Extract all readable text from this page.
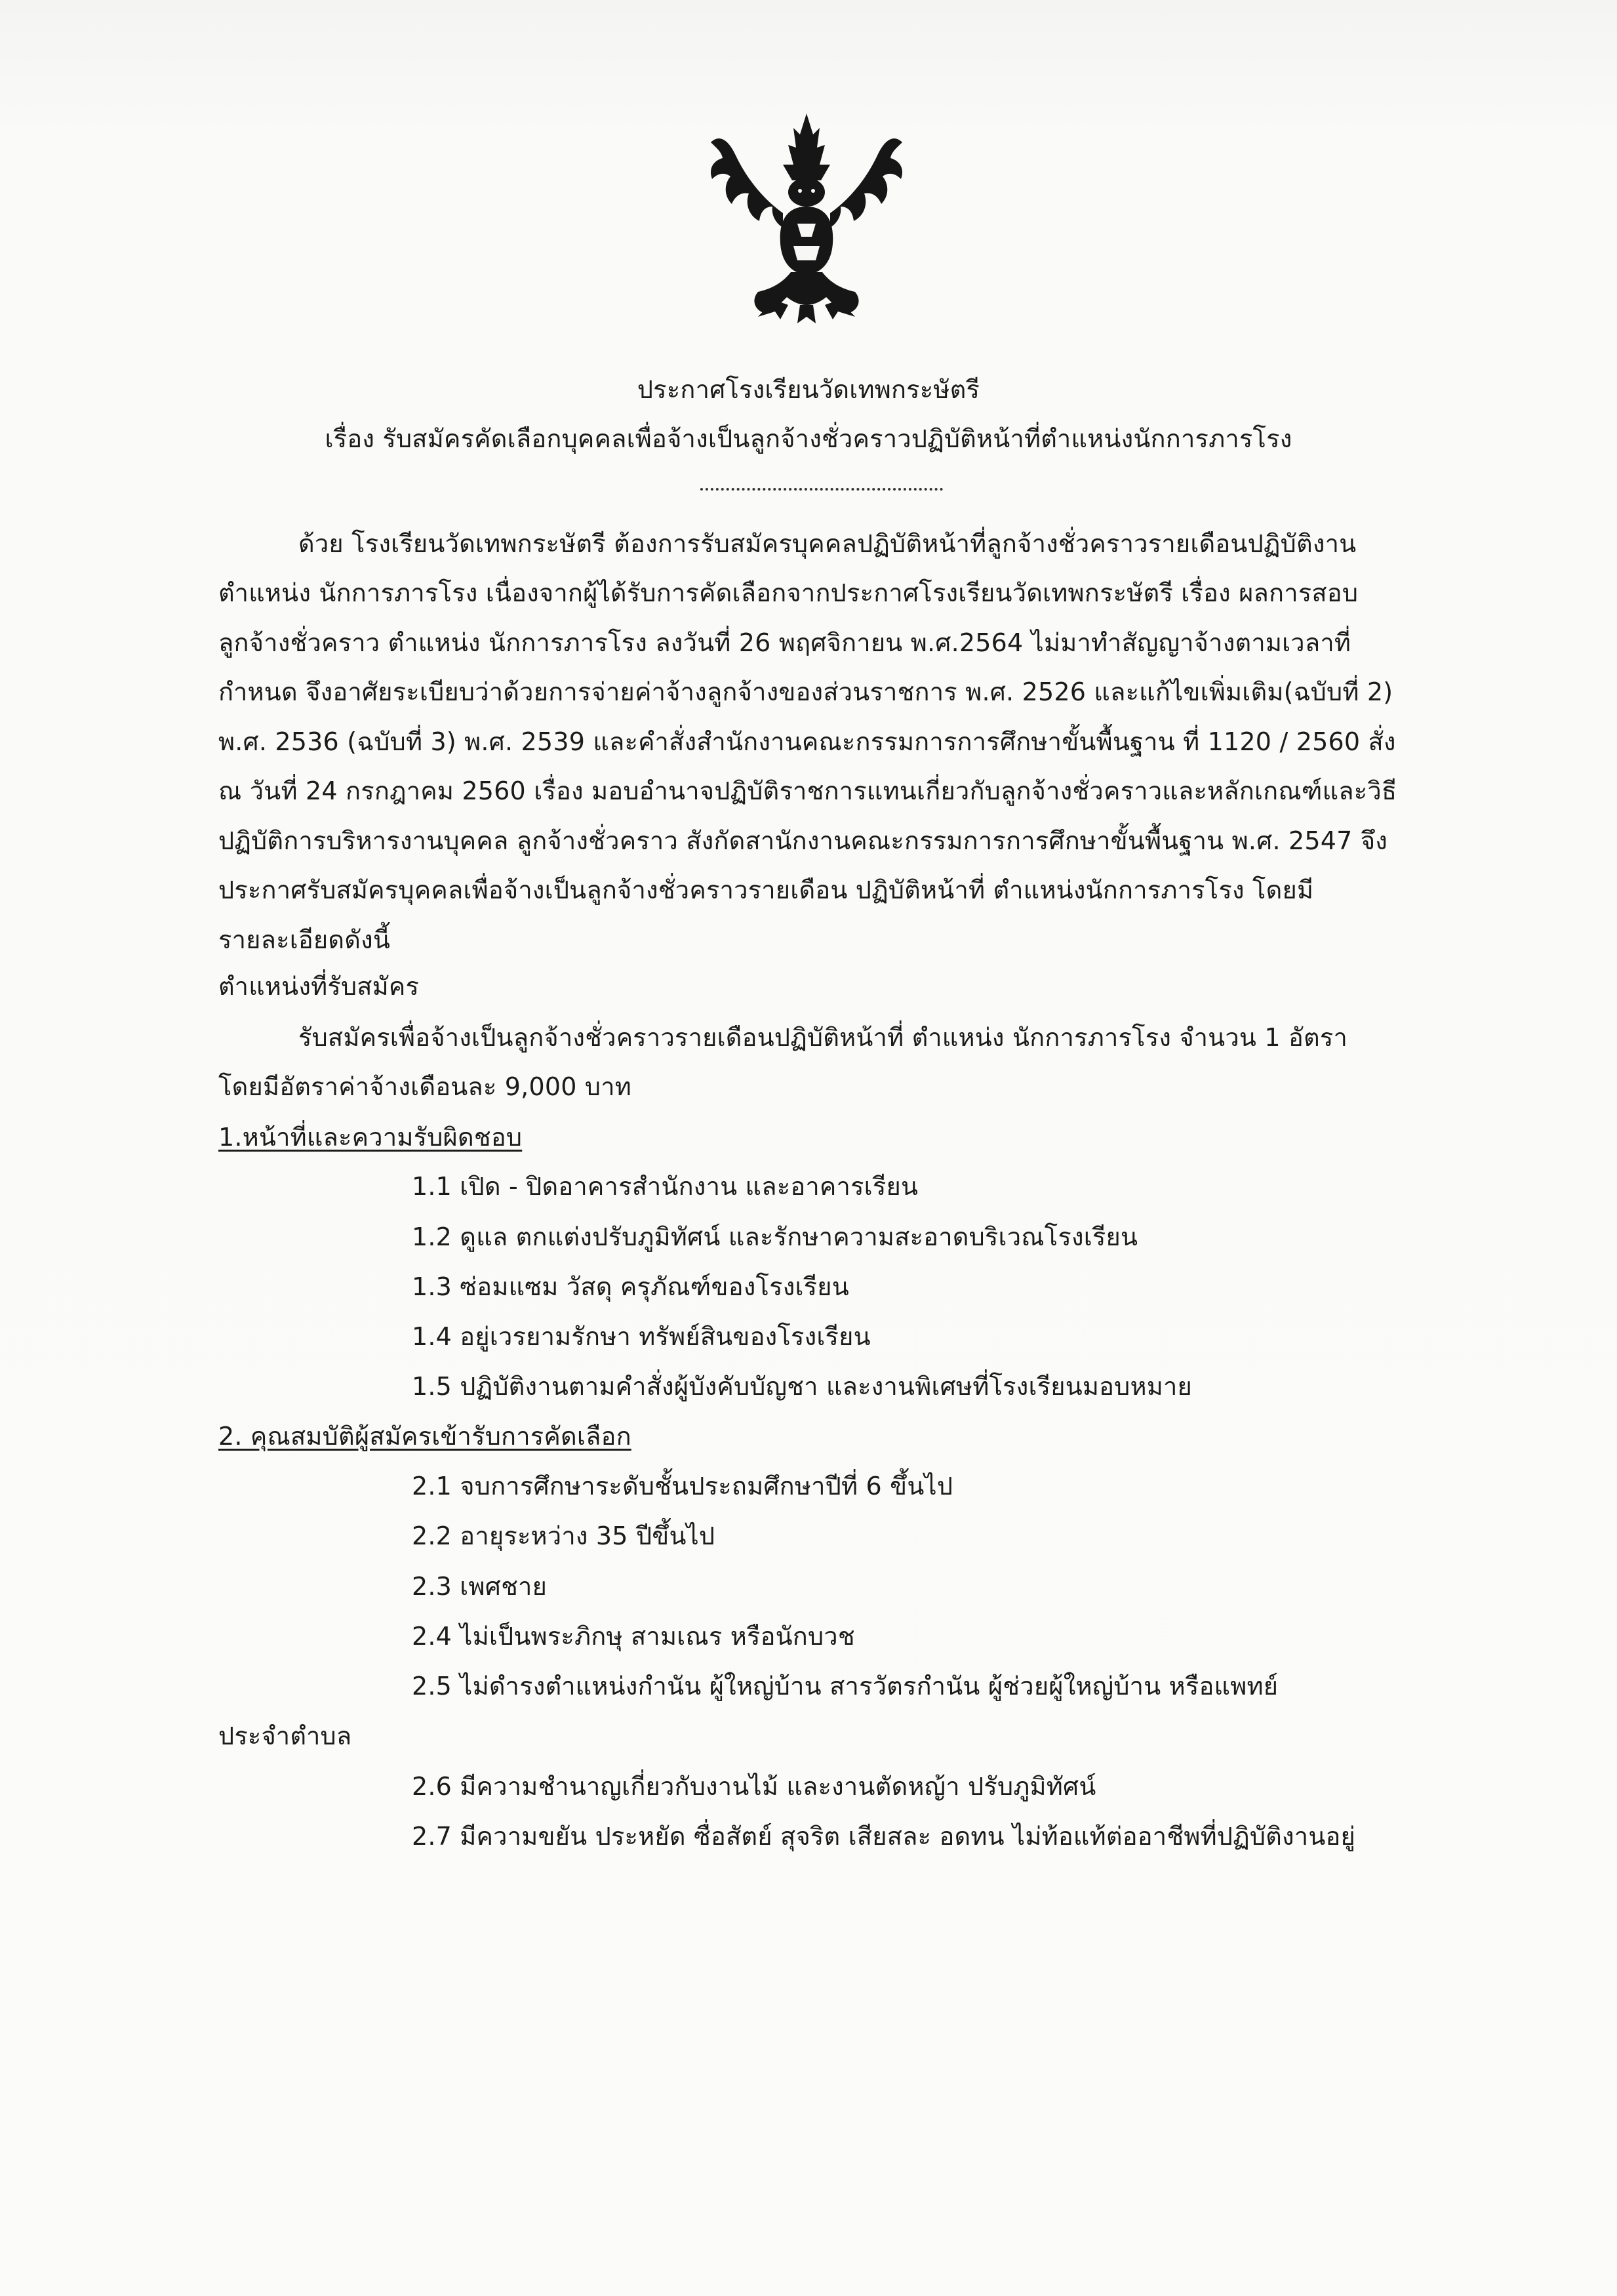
ประกาศโรงเรียนวัดเทพกระษัตรี
เรื่อง รับสมัครคัดเลือกบุคคลเพื่อจ้างเป็นลูกจ้างชั่วคราวปฏิบัติหน้าที่ตำแหน่งนักการภารโรง
ด้วย โรงเรียนวัดเทพกระษัตรี ต้องการรับสมัครบุคคลปฏิบัติหน้าที่ลูกจ้างชั่วคราวรายเดือนปฏิบัติงาน
ตำแหน่ง นักการภารโรง เนื่องจากผู้ได้รับการคัดเลือกจากประกาศโรงเรียนวัดเทพกระษัตรี เรื่อง ผลการสอบ
ลูกจ้างชั่วคราว ตำแหน่ง นักการภารโรง ลงวันที่ 26 พฤศจิกายน พ.ศ.2564 ไม่มาทำสัญญาจ้างตามเวลาที่
กำหนด จึงอาศัยระเบียบว่าด้วยการจ่ายค่าจ้างลูกจ้างของส่วนราชการ พ.ศ. 2526 และแก้ไขเพิ่มเติม(ฉบับที่ 2)
พ.ศ. 2536 (ฉบับที่ 3) พ.ศ. 2539 และคำสั่งสำนักงานคณะกรรมการการศึกษาขั้นพื้นฐาน ที่ 1120 / 2560 สั่ง
ณ วันที่ 24 กรกฎาคม 2560 เรื่อง มอบอำนาจปฏิบัติราชการแทนเกี่ยวกับลูกจ้างชั่วคราวและหลักเกณฑ์และวิธี
ปฏิบัติการบริหารงานบุคคล ลูกจ้างชั่วคราว สังกัดสานักงานคณะกรรมการการศึกษาขั้นพื้นฐาน พ.ศ. 2547 จึง
ประกาศรับสมัครบุคคลเพื่อจ้างเป็นลูกจ้างชั่วคราวรายเดือน ปฏิบัติหน้าที่ ตำแหน่งนักการภารโรง โดยมี
รายละเอียดดังนี้
ตำแหน่งที่รับสมัคร
รับสมัครเพื่อจ้างเป็นลูกจ้างชั่วคราวรายเดือนปฏิบัติหน้าที่ ตำแหน่ง นักการภารโรง จำนวน 1 อัตรา
โดยมีอัตราค่าจ้างเดือนละ 9,000 บาท
1.หน้าที่และความรับผิดชอบ
1.1 เปิด - ปิดอาคารสำนักงาน และอาคารเรียน
1.2 ดูแล ตกแต่งปรับภูมิทัศน์ และรักษาความสะอาดบริเวณโรงเรียน
1.3 ซ่อมแซม วัสดุ ครุภัณฑ์ของโรงเรียน
1.4 อยู่เวรยามรักษา ทรัพย์สินของโรงเรียน
1.5 ปฏิบัติงานตามคำสั่งผู้บังคับบัญชา และงานพิเศษที่โรงเรียนมอบหมาย
2. คุณสมบัติผู้สมัครเข้ารับการคัดเลือก
2.1 จบการศึกษาระดับชั้นประถมศึกษาปีที่ 6 ขึ้นไป
2.2 อายุระหว่าง 35 ปีขึ้นไป
2.3 เพศชาย
2.4 ไม่เป็นพระภิกษุ สามเณร หรือนักบวช
2.5 ไม่ดำรงตำแหน่งกำนัน ผู้ใหญ่บ้าน สารวัตรกำนัน ผู้ช่วยผู้ใหญ่บ้าน หรือแพทย์
ประจำตำบล
2.6 มีความชำนาญเกี่ยวกับงานไม้ และงานตัดหญ้า ปรับภูมิทัศน์
2.7 มีความขยัน ประหยัด ซื่อสัตย์ สุจริต เสียสละ อดทน ไม่ท้อแท้ต่ออาชีพที่ปฏิบัติงานอยู่
